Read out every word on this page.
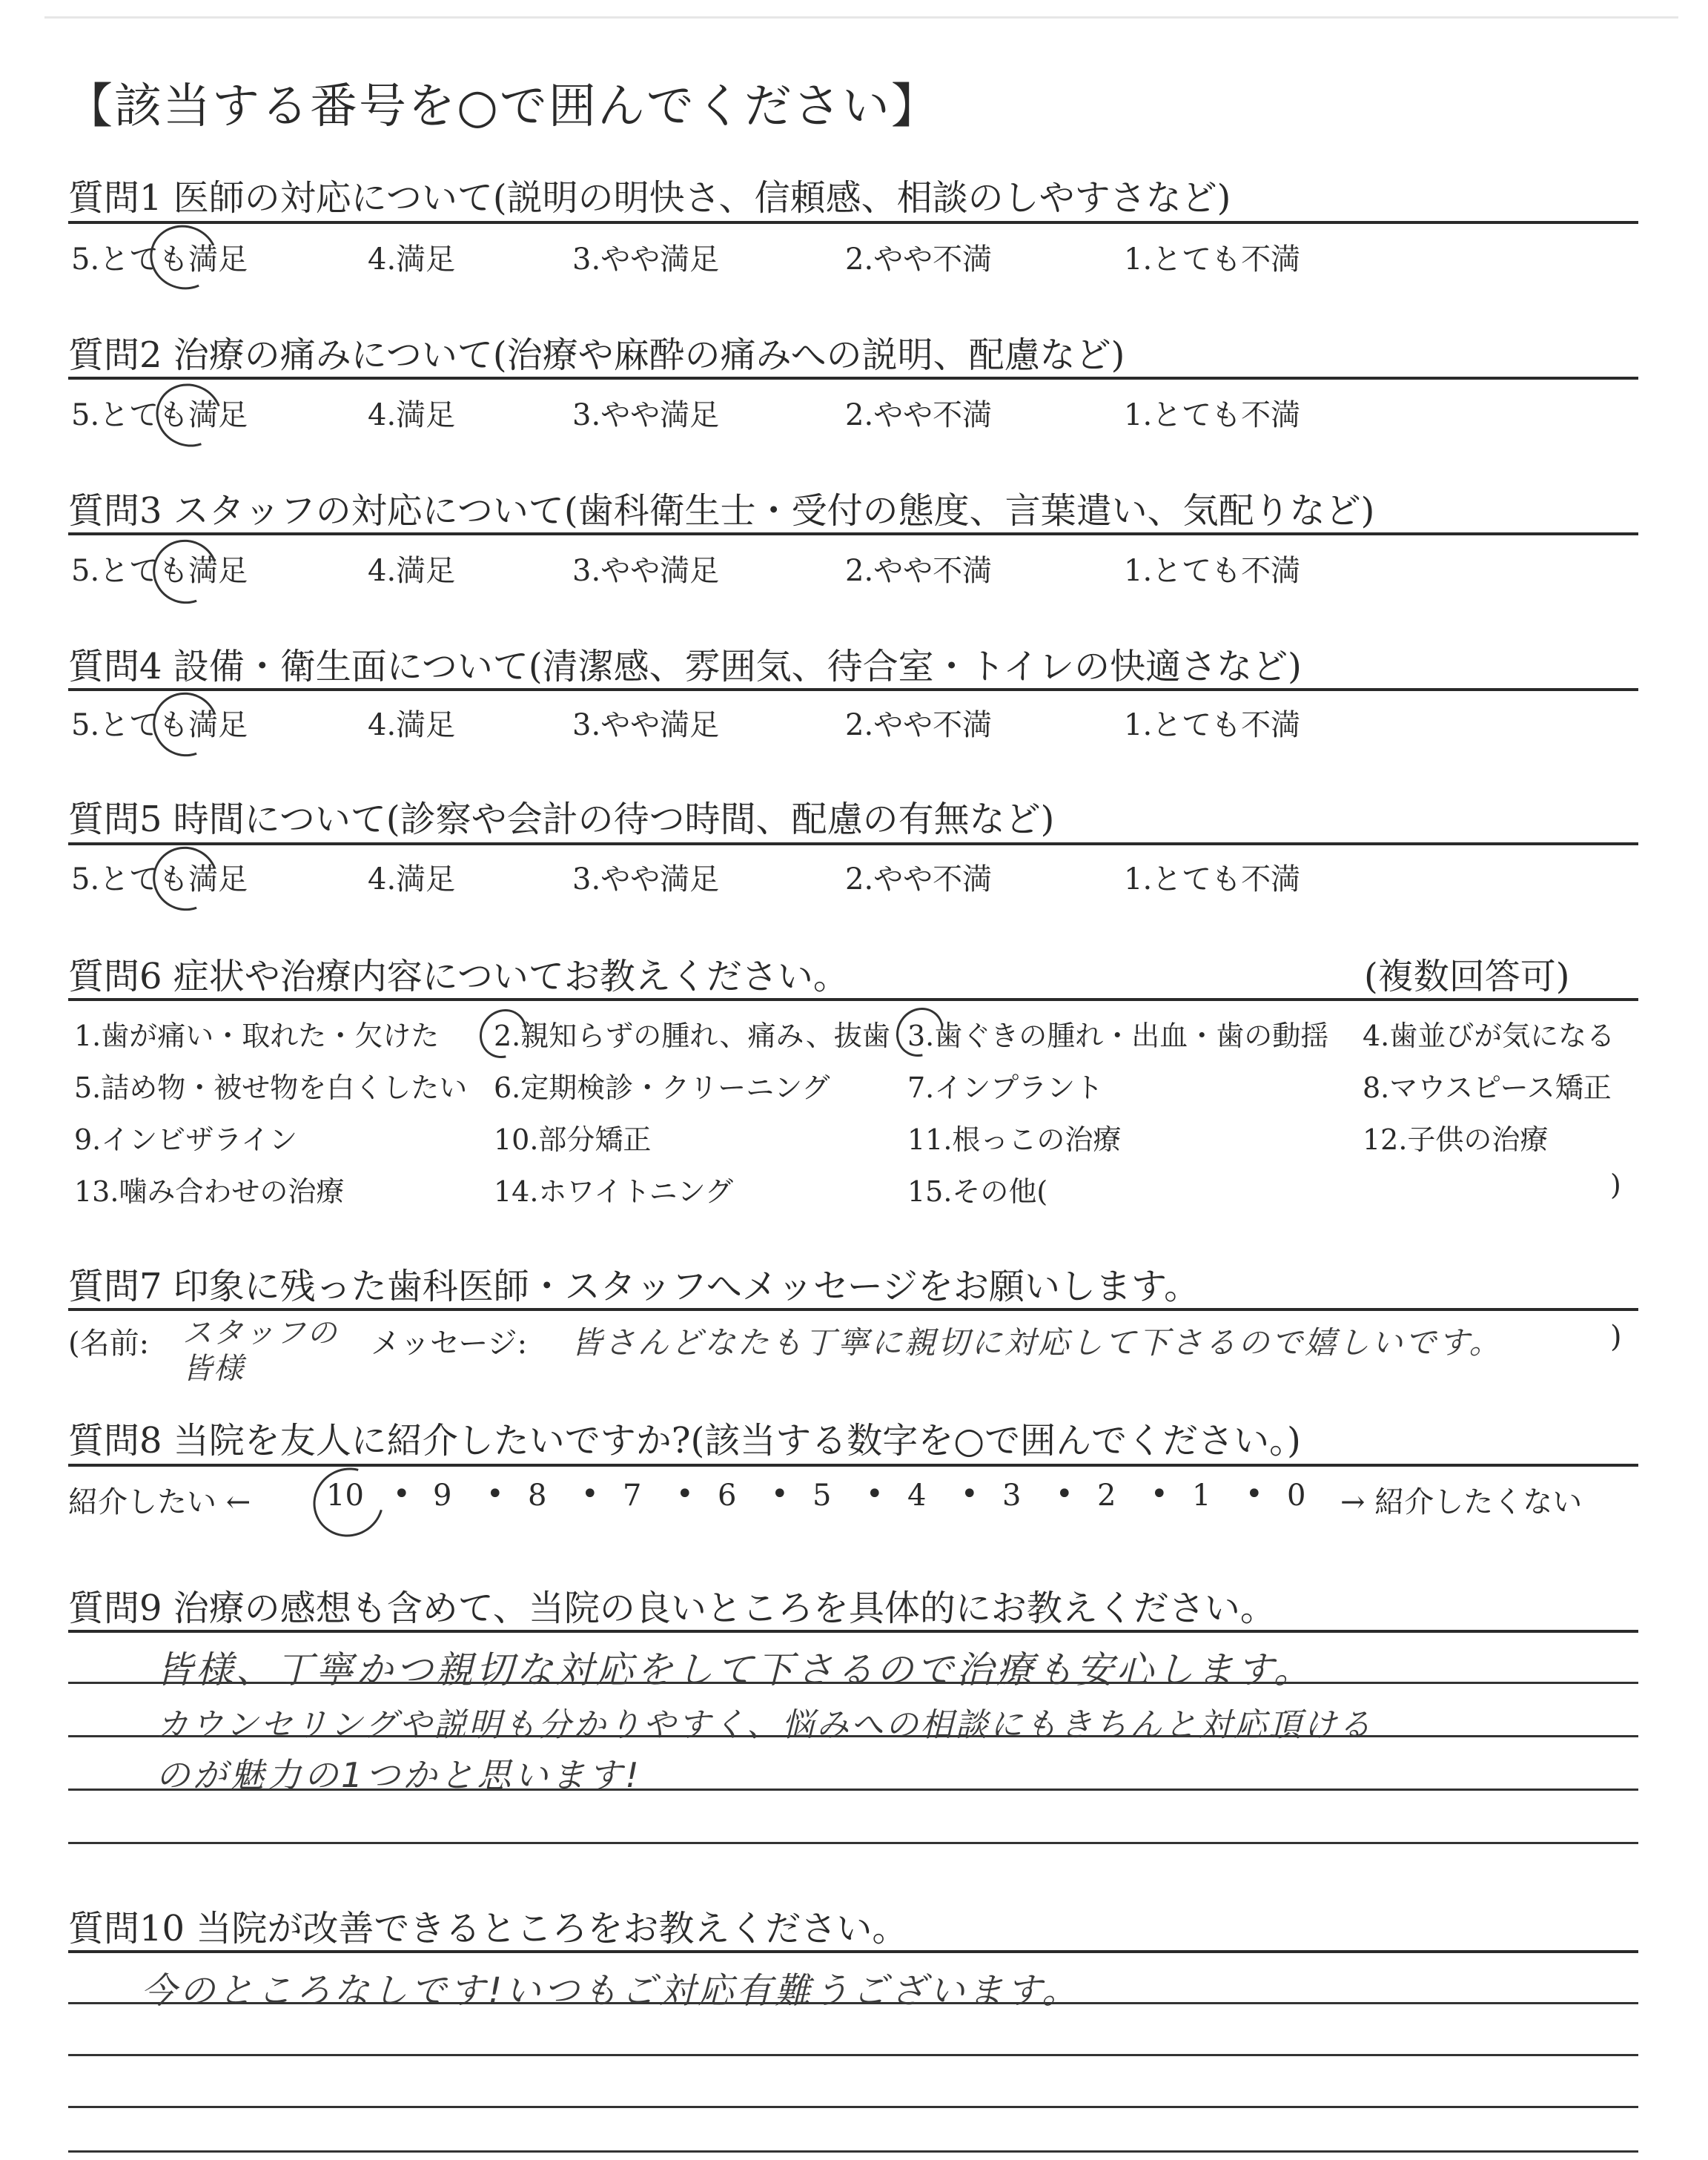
【該当する番号を○で囲んでください】
質問1 医師の対応について(説明の明快さ、信頼感、相談のしやすさなど)
5.とても満足	4.満足	3.やや満足	2.やや不満	1.とても不満
質問2 治療の痛みについて(治療や麻酔の痛みへの説明、配慮など)
5.とても満足	4.満足	3.やや満足	2.やや不満	1.とても不満
質問3 スタッフの対応について(歯科衛生士・受付の態度、言葉遣い、気配りなど)
5.とても満足	4.満足	3.やや満足	2.やや不満	1.とても不満
質問4 設備・衛生面について(清潔感、雰囲気、待合室・トイレの快適さなど)
5.とても満足	4.満足	3.やや満足	2.やや不満	1.とても不満
質問5 時間について(診察や会計の待つ時間、配慮の有無など)
5.とても満足	4.満足	3.やや満足	2.やや不満	1.とても不満
質問6 症状や治療内容についてお教えください。	(複数回答可)
1.歯が痛い・取れた・欠けた 2.親知らずの腫れ、痛み、抜歯 3.歯ぐきの腫れ・出血・歯の動揺 4.歯並びが気になる
5.詰め物・被せ物を白くしたい 6.定期検診・クリーニング	7.インプラント	8.マウスピース矯正
9.インビザライン	10.部分矯正	11.根っこの治療	12.子供の治療
13.噛み合わせの治療	14.ホワイトニング	15.その他(	)
質問7 印象に残った歯科医師・スタッフへメッセージをお願いします。
(名前: スタッフの皆様
メッセージ: 皆さんどなたも丁寧に親切に対応して下さるので嬉しいです。	)
質問8 当院を友人に紹介したいですか?(該当する数字を○で囲んでください。)
紹介したい ←	→ 紹介したくない
10 9	8	7	6	5	4	3	2	1	0
•	•	•	•	•	•	•	•	•	•
質問9 治療の感想も含めて、当院の良いところを具体的にお教えください。
皆様、丁寧かつ親切な対応をして下さるので治療も安心します。
カウンセリングや説明も分かりやすく、悩みへの相談にもきちんと対応頂ける
のが魅力の1つかと思います!
質問10 当院が改善できるところをお教えください。
今のところなしです!いつもご対応有難うございます。
